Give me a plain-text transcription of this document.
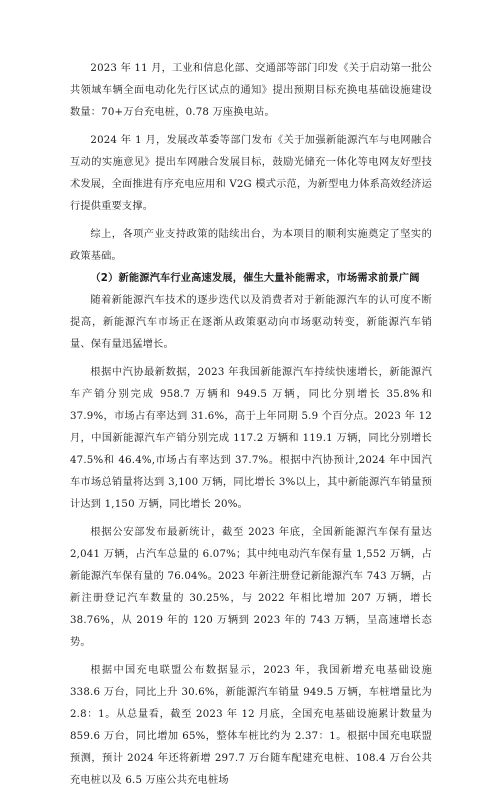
2023 年 11 月，工业和信息化部、交通部等部门印发《关于启动第一批公共领域车辆全面电动化先行区试点的通知》提出预期目标充换电基础设施建设数量：70+万台充电桩，0.78 万座换电站。

2024 年 1 月，发展改革委等部门发布《关于加强新能源汽车与电网融合互动的实施意见》提出车网融合发展目标，鼓励光储充一体化等电网友好型技术发展，全面推进有序充电应用和 V2G 模式示范，为新型电力体系高效经济运行提供重要支撑。

综上，各项产业支持政策的陆续出台，为本项目的顺利实施奠定了坚实的政策基础。

（2）新能源汽车行业高速发展，催生大量补能需求，市场需求前景广阔

随着新能源汽车技术的逐步迭代以及消费者对于新能源汽车的认可度不断提高，新能源汽车市场正在逐渐从政策驱动向市场驱动转变，新能源汽车销量、保有量迅猛增长。

根据中汽协最新数据，2023 年我国新能源汽车持续快速增长，新能源汽车产销分别完成 958.7 万辆和 949.5 万辆，同比分别增长 35.8%和 37.9%，市场占有率达到 31.6%，高于上年同期 5.9 个百分点。2023 年 12 月，中国新能源汽车产销分别完成 117.2 万辆和 119.1 万辆，同比分别增长 47.5%和 46.4%,市场占有率达到 37.7%。根据中汽协预计,2024 年中国汽车市场总销量将达到 3,100 万辆，同比增长 3%以上，其中新能源汽车销量预计达到 1,150 万辆，同比增长 20%。

根据公安部发布最新统计，截至 2023 年底，全国新能源汽车保有量达 2,041 万辆，占汽车总量的 6.07%；其中纯电动汽车保有量 1,552 万辆，占新能源汽车保有量的 76.04%。2023 年新注册登记新能源汽车 743 万辆，占新注册登记汽车数量的 30.25%，与 2022 年相比增加 207 万辆，增长 38.76%，从 2019 年的 120 万辆到 2023 年的 743 万辆，呈高速增长态势。

根据中国充电联盟公布数据显示，2023 年，我国新增充电基础设施 338.6 万台，同比上升 30.6%，新能源汽车销量 949.5 万辆，车桩增量比为 2.8：1。从总量看，截至 2023 年 12 月底，全国充电基础设施累计数量为 859.6 万台，同比增加 65%，整体车桩比约为 2.37：1。根据中国充电联盟预测，预计 2024 年还将新增 297.7 万台随车配建充电桩、108.4 万台公共充电桩以及 6.5 万座公共充电桩场
